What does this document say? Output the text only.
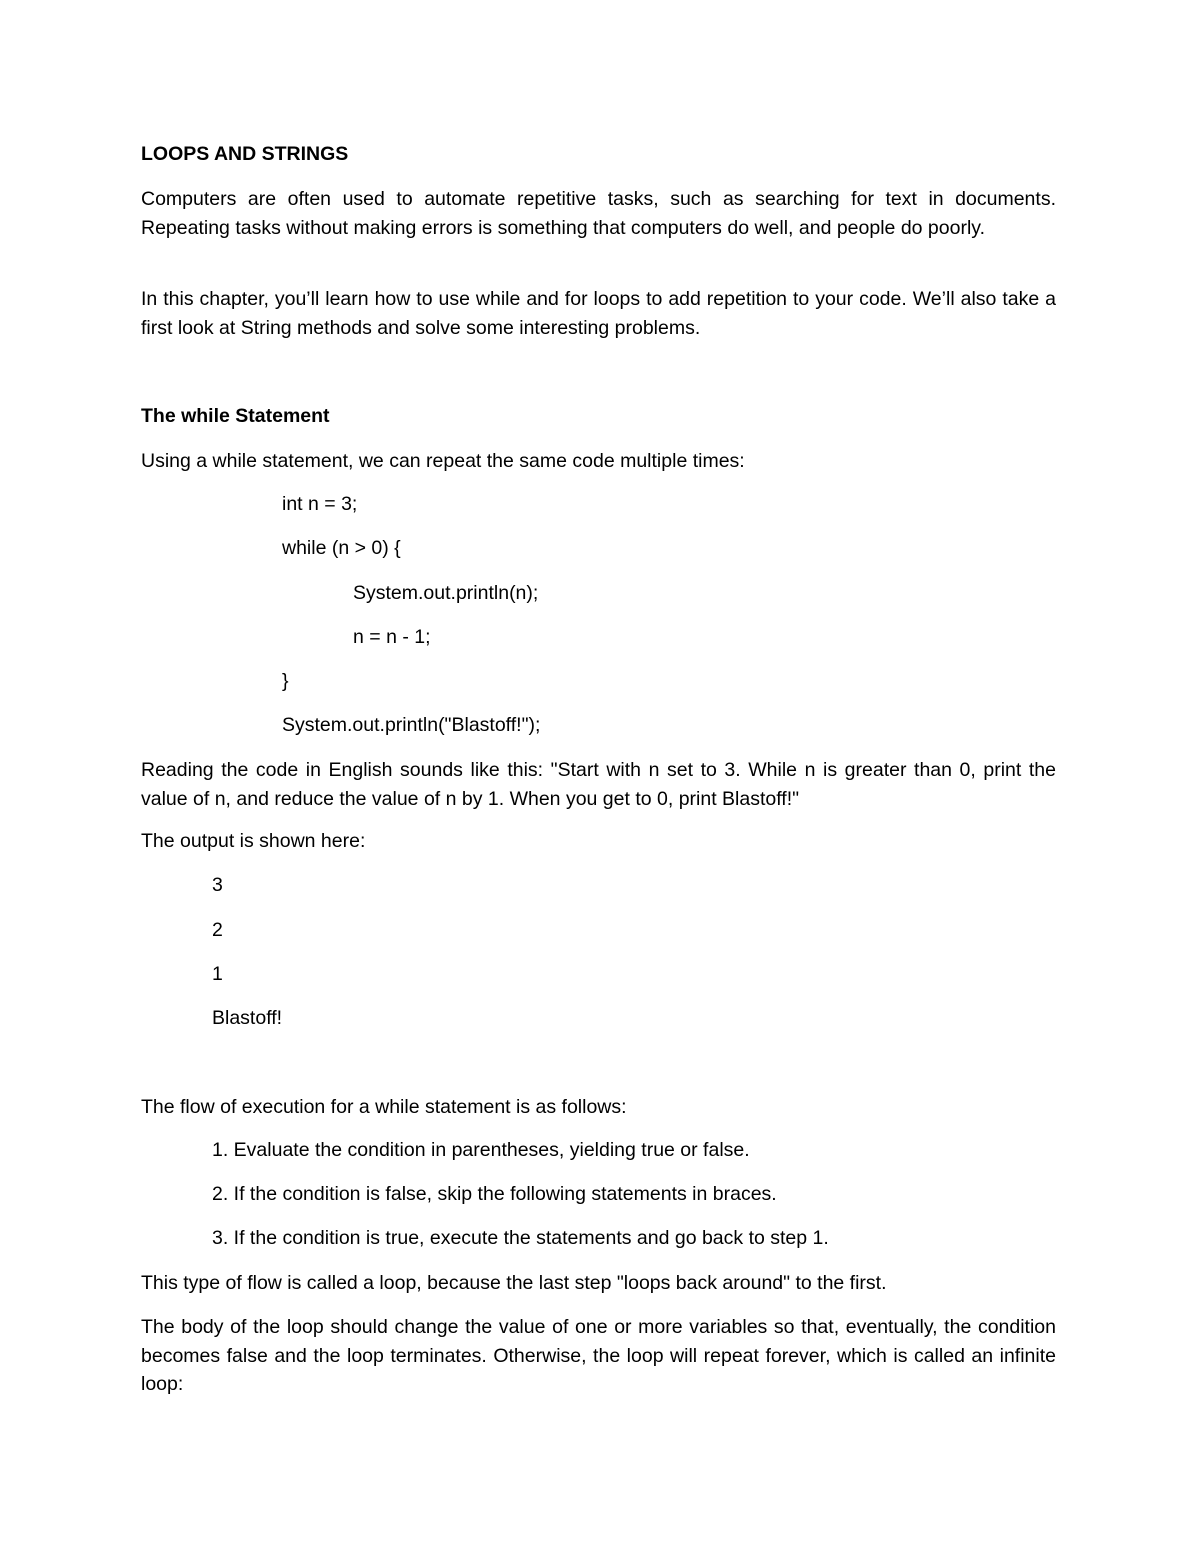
LOOPS AND STRINGS
Computers are often used to automate repetitive tasks, such as searching for text in documents. Repeating tasks without making errors is something that computers do well, and people do poorly.
In this chapter, you’ll learn how to use while and for loops to add repetition to your code. We’ll also take a first look at String methods and solve some interesting problems.
The while Statement
Using a while statement, we can repeat the same code multiple times:
int n = 3;
while (n > 0) {
System.out.println(n);
n = n - 1;
}
System.out.println("Blastoff!");
Reading the code in English sounds like this: "Start with n set to 3. While n is greater than 0, print the value of n, and reduce the value of n by 1. When you get to 0, print Blastoff!"
The output is shown here:
3
2
1
Blastoff!
The flow of execution for a while statement is as follows:
1. Evaluate the condition in parentheses, yielding true or false.
2. If the condition is false, skip the following statements in braces.
3. If the condition is true, execute the statements and go back to step 1.
This type of flow is called a loop, because the last step "loops back around" to the first.
The body of the loop should change the value of one or more variables so that, eventually, the condition becomes false and the loop terminates. Otherwise, the loop will repeat forever, which is called an infinite loop:
